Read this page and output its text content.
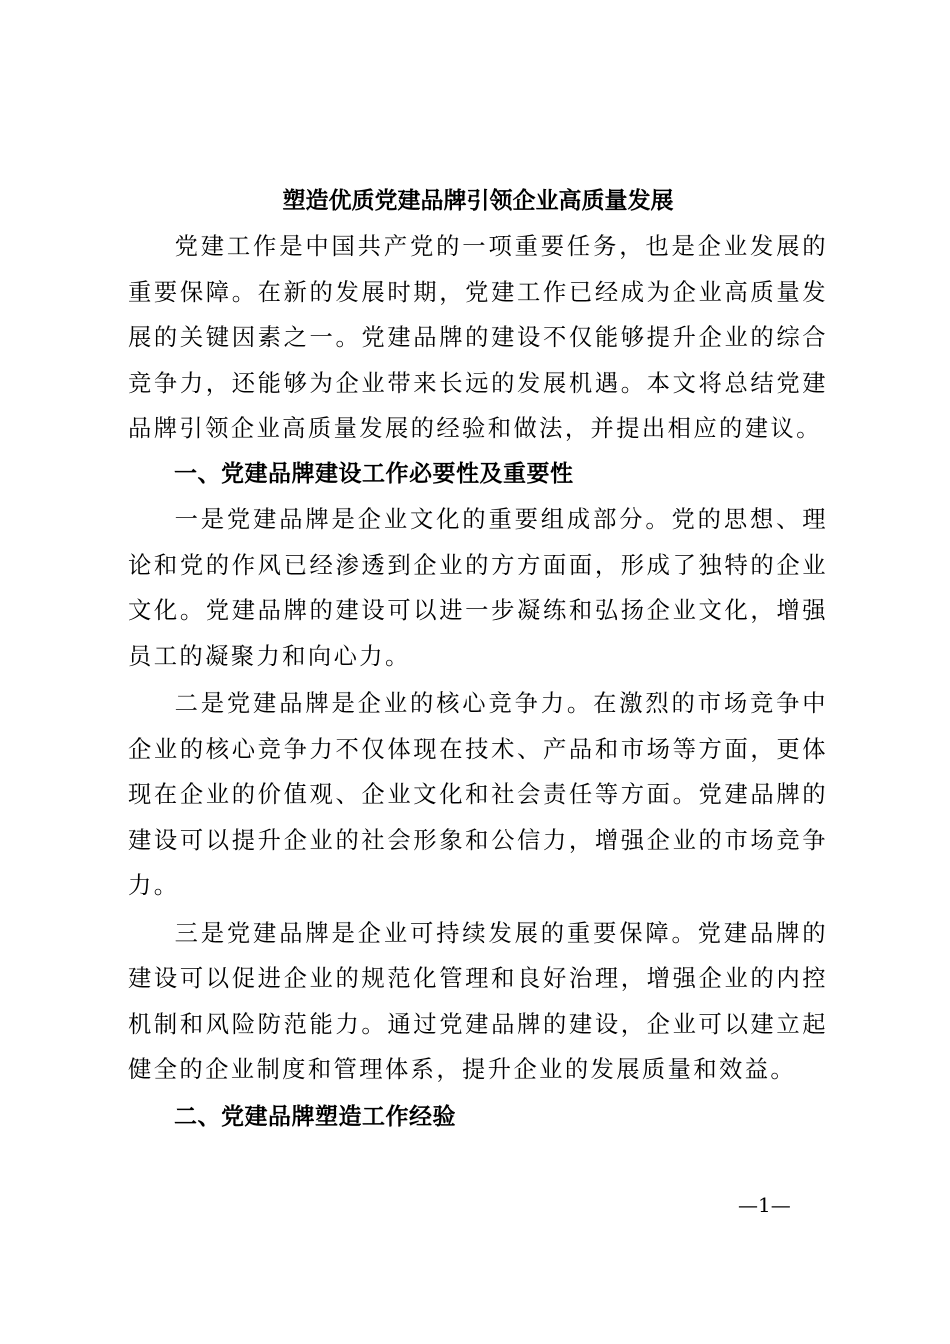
塑造优质党建品牌引领企业高质量发展

党建工作是中国共产党的一项重要任务，也是企业发展的重要保障。在新的发展时期，党建工作已经成为企业高质量发展的关键因素之一。党建品牌的建设不仅能够提升企业的综合竞争力，还能够为企业带来长远的发展机遇。本文将总结党建品牌引领企业高质量发展的经验和做法，并提出相应的建议。

一、党建品牌建设工作必要性及重要性

一是党建品牌是企业文化的重要组成部分。党的思想、理论和党的作风已经渗透到企业的方方面面，形成了独特的企业文化。党建品牌的建设可以进一步凝练和弘扬企业文化，增强员工的凝聚力和向心力。

二是党建品牌是企业的核心竞争力。在激烈的市场竞争中企业的核心竞争力不仅体现在技术、产品和市场等方面，更体现在企业的价值观、企业文化和社会责任等方面。党建品牌的建设可以提升企业的社会形象和公信力，增强企业的市场竞争力。

三是党建品牌是企业可持续发展的重要保障。党建品牌的建设可以促进企业的规范化管理和良好治理，增强企业的内控机制和风险防范能力。通过党建品牌的建设，企业可以建立起健全的企业制度和管理体系，提升企业的发展质量和效益。

二、党建品牌塑造工作经验

—1—
